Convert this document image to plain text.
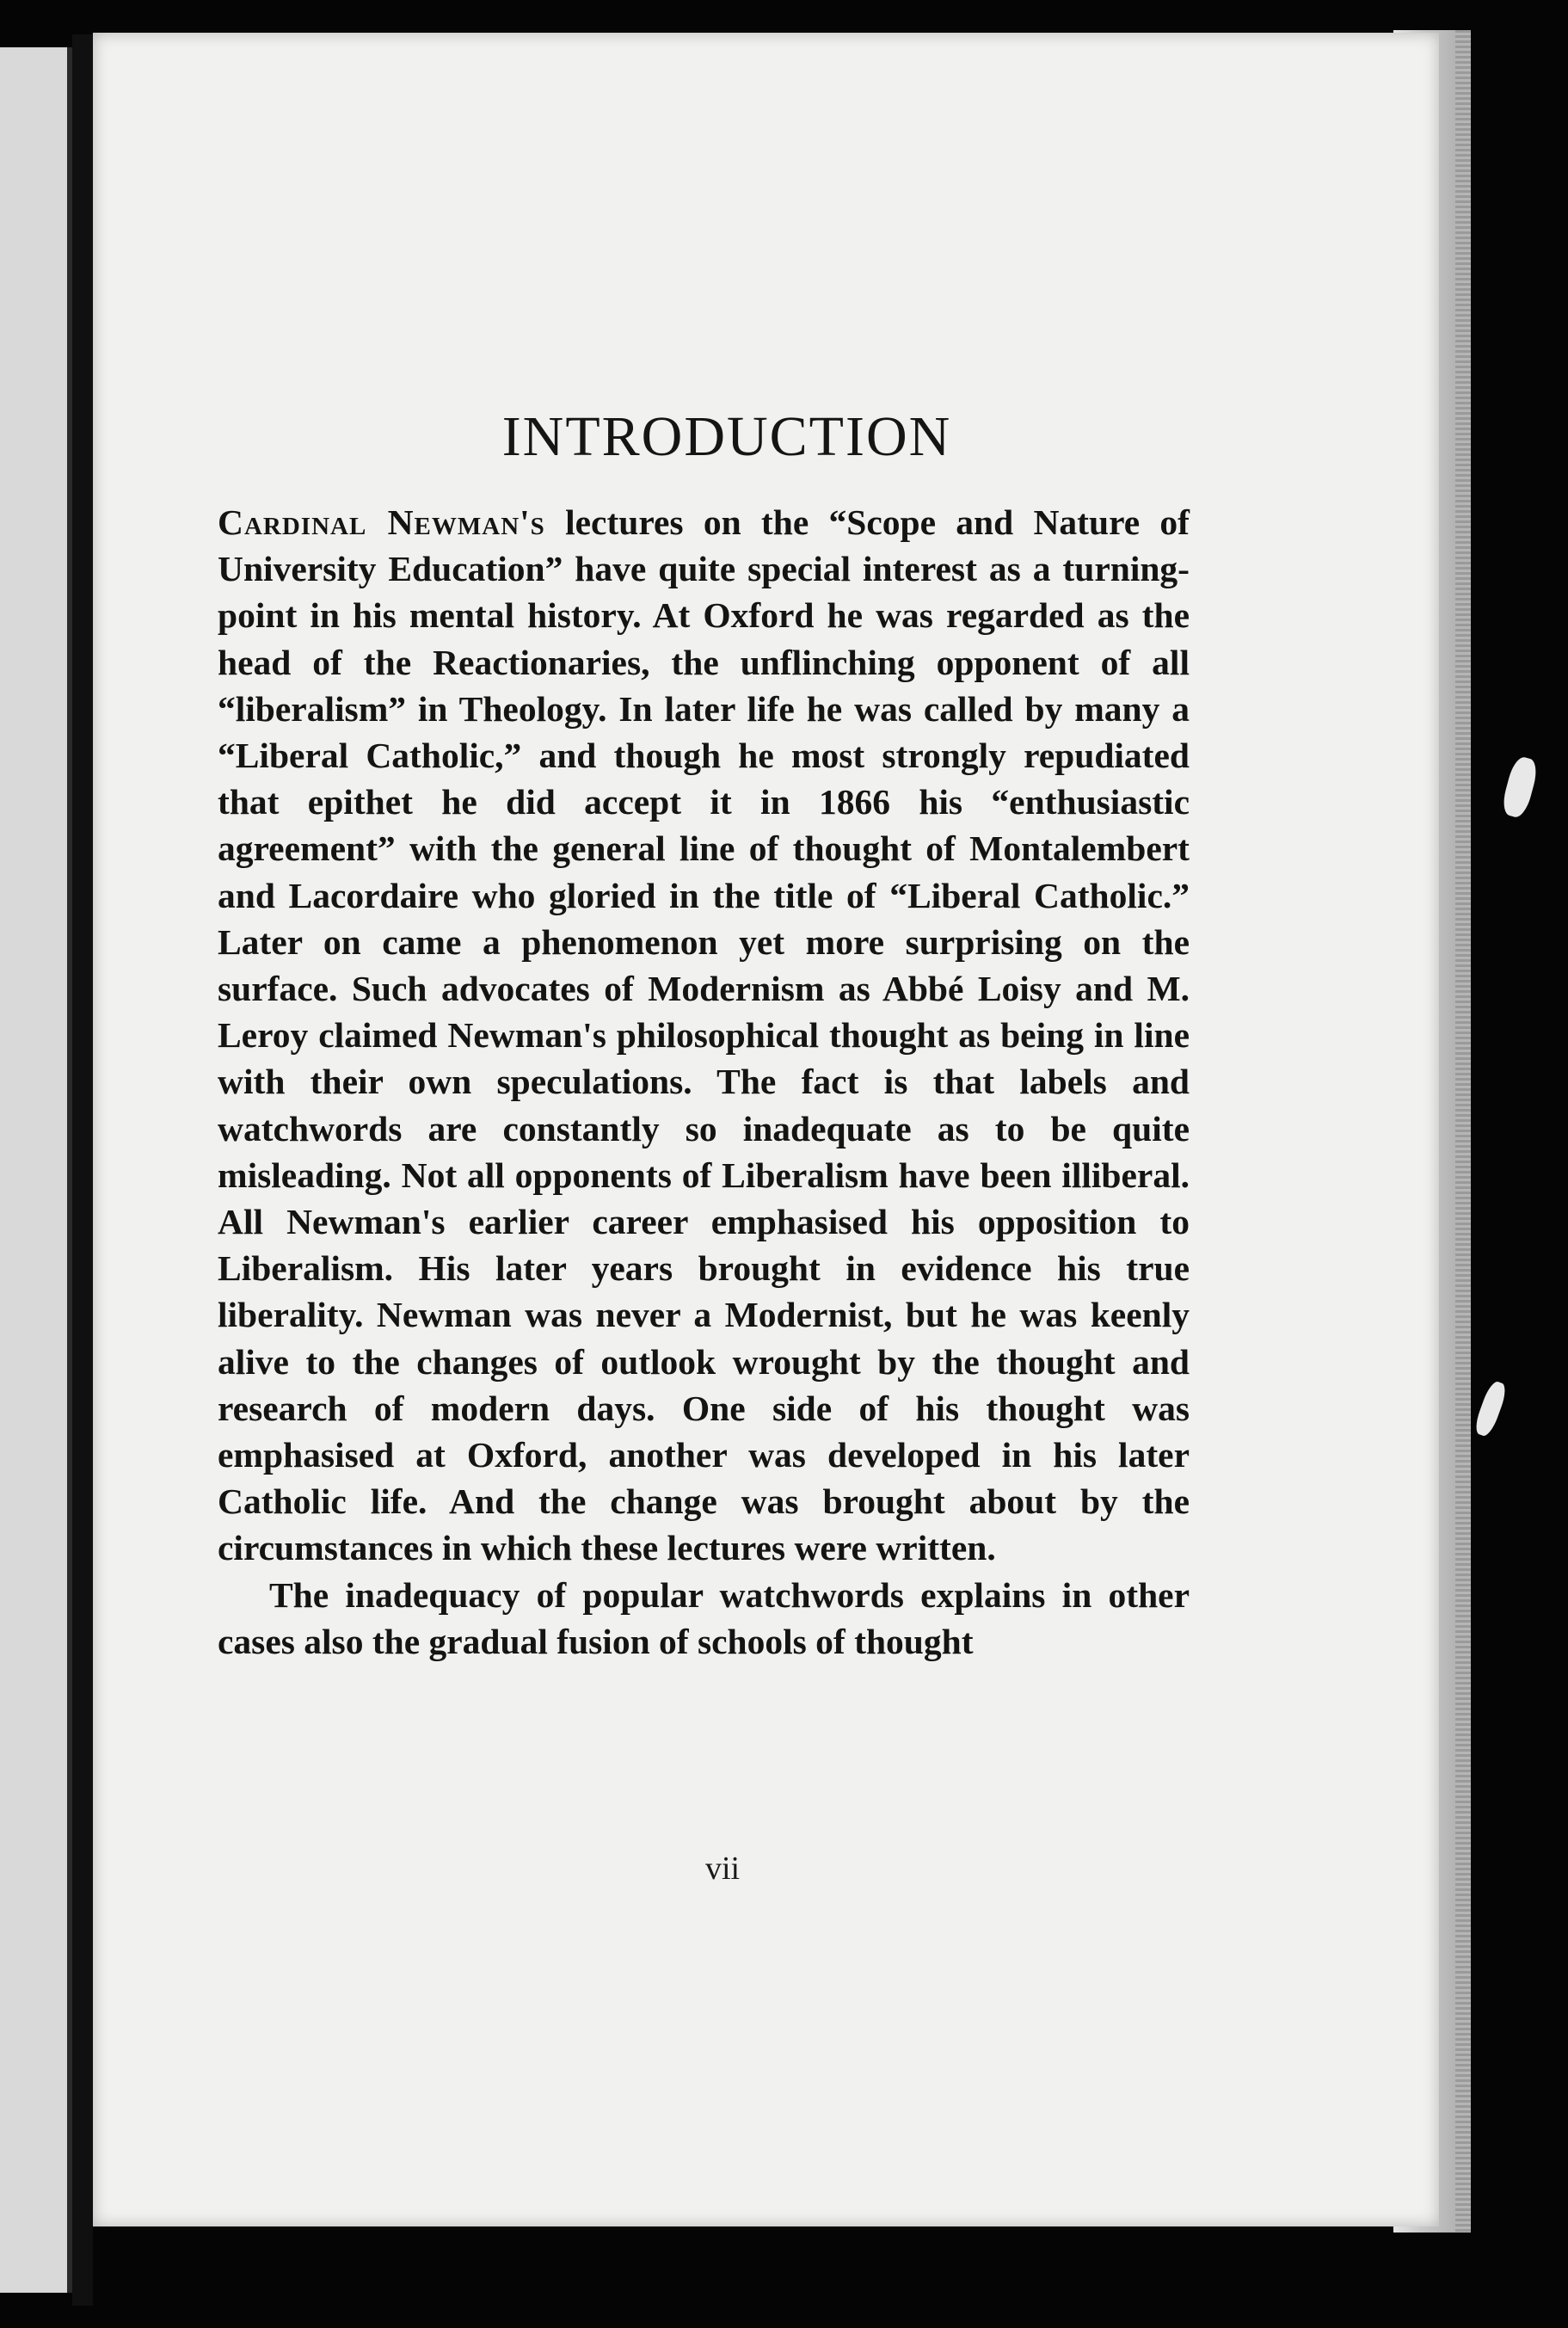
INTRODUCTION

Cardinal Newman's lectures on the “Scope and Nature of University Education” have quite special interest as a turning-point in his mental history. At Oxford he was regarded as the head of the Reactionaries, the unflinching opponent of all “liberalism” in Theology. In later life he was called by many a “Liberal Catholic,” and though he most strongly repudiated that epithet he did accept it in 1866 his “enthusiastic agreement” with the general line of thought of Montalembert and Lacordaire who gloried in the title of “Liberal Catholic.” Later on came a phenomenon yet more surprising on the surface. Such advocates of Modernism as Abbé Loisy and M. Leroy claimed Newman's philosophical thought as being in line with their own speculations. The fact is that labels and watchwords are constantly so inadequate as to be quite misleading. Not all opponents of Liberalism have been illiberal. All Newman's earlier career emphasised his opposition to Liberalism. His later years brought in evidence his true liberality. Newman was never a Modernist, but he was keenly alive to the changes of outlook wrought by the thought and research of modern days. One side of his thought was emphasised at Oxford, another was developed in his later Catholic life. And the change was brought about by the circumstances in which these lectures were written.

The inadequacy of popular watchwords explains in other cases also the gradual fusion of schools of thought

vii
